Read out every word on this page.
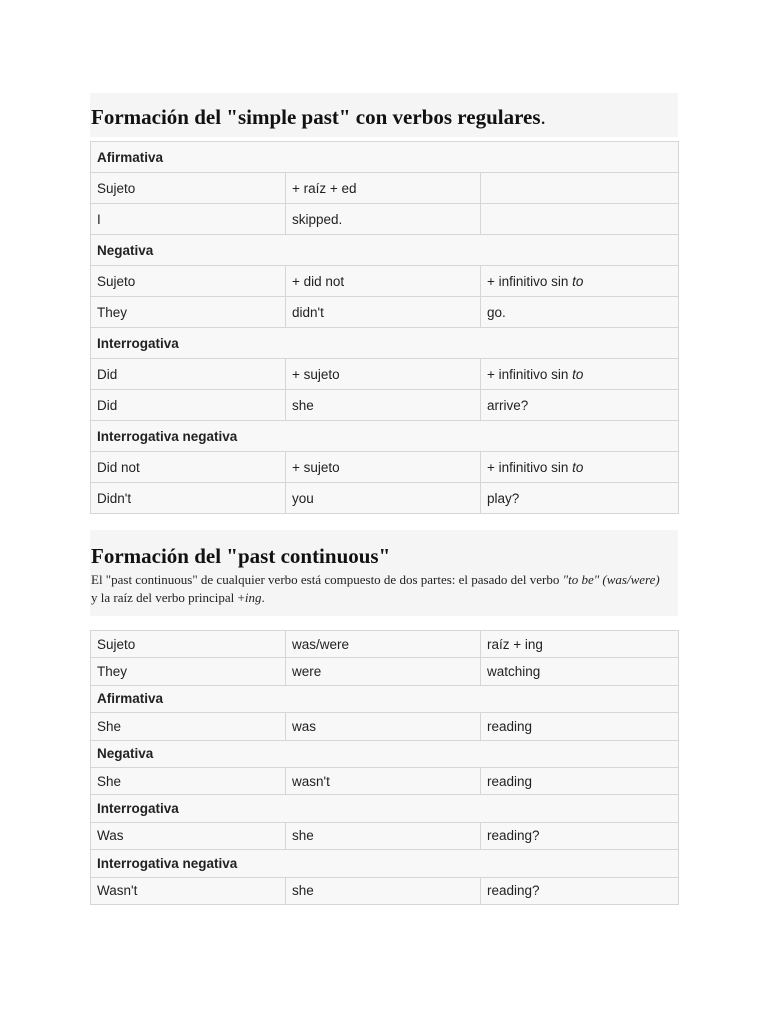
Formación del "simple past" con verbos regulares.
Afirmativa		
Sujeto	+ raíz + ed	
I	skipped.	
Negativa		
Sujeto	+ did not	+ infinitivo sin to
They	didn't	go.
Interrogativa		
Did	+ sujeto	+ infinitivo sin to
Did	she	arrive?
Interrogativa negativa		
Did not	+ sujeto	+ infinitivo sin to
Didn't	you	play?
Formación del "past continuous"
El "past continuous" de cualquier verbo está compuesto de dos partes: el pasado del verbo "to be" (was/were) y la raíz del verbo principal +ing.
Sujeto	was/were	raíz + ing
They	were	watching
Afirmativa		
She	was	reading
Negativa		
She	wasn't	reading
Interrogativa		
Was	she	reading?
Interrogativa negativa		
Wasn't	she	reading?
